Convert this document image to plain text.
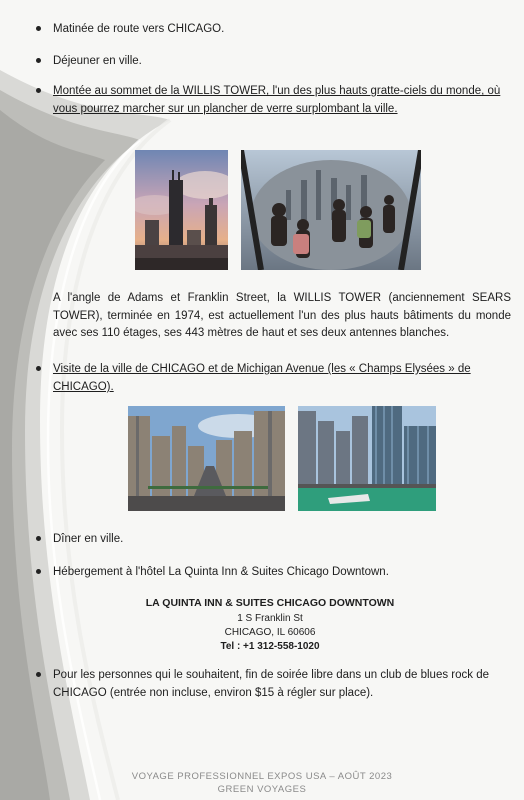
Matinée de route vers CHICAGO.
Déjeuner en ville.
Montée au sommet de la WILLIS TOWER, l'un des plus hauts gratte-ciels du monde, où vous pourrez marcher sur un plancher de verre surplombant la ville.
A l'angle de Adams et Franklin Street, la WILLIS TOWER (anciennement SEARS TOWER), terminée en 1974, est actuellement l'un des plus hauts bâtiments du monde avec ses 110 étages, ses 443 mètres de haut et ses deux antennes blanches.
Visite de la ville de CHICAGO et de Michigan Avenue (les « Champs Elysées » de CHICAGO).
Dîner en ville.
Hébergement à l'hôtel La Quinta Inn & Suites Chicago Downtown.
LA QUINTA INN & SUITES CHICAGO DOWNTOWN
1 S Franklin St
CHICAGO, IL 60606
Tel : +1 312-558-1020
Pour les personnes qui le souhaitent, fin de soirée libre dans un club de blues rock de CHICAGO (entrée non incluse, environ $15 à régler sur place).
VOYAGE PROFESSIONNEL EXPOS USA – AOÛT 2023
GREEN VOYAGES
